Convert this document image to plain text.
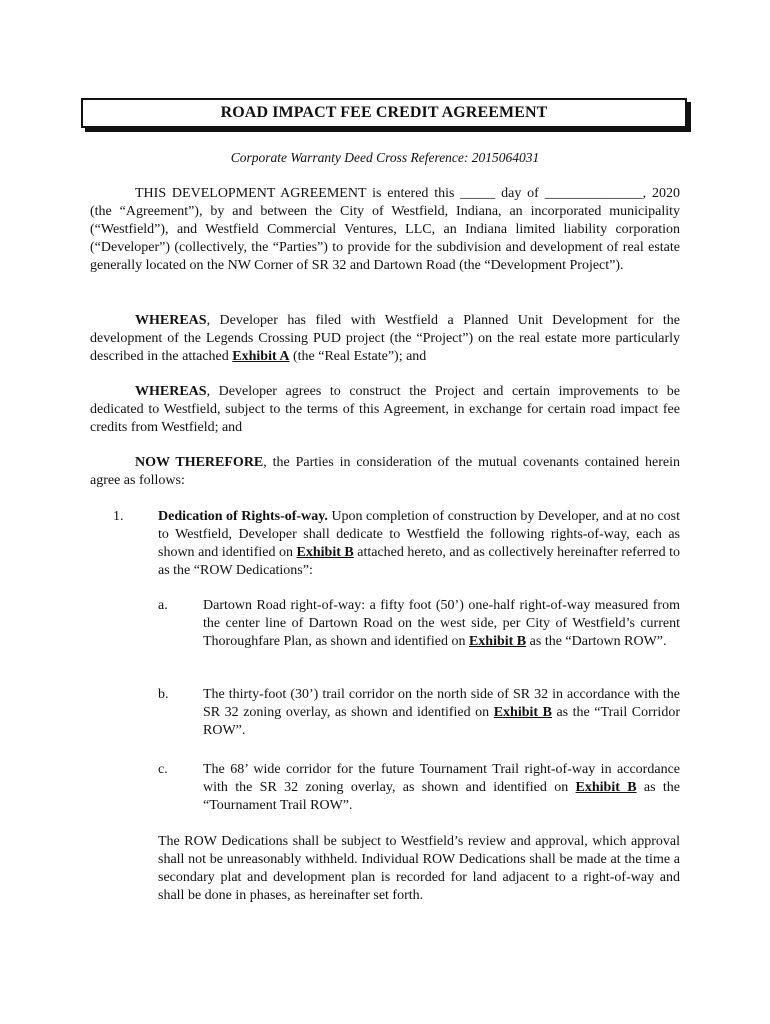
ROAD IMPACT FEE CREDIT AGREEMENT
Corporate Warranty Deed Cross Reference: 2015064031

THIS DEVELOPMENT AGREEMENT is entered this _____ day of ______________, 2020 (the “Agreement”), by and between the City of Westfield, Indiana, an incorporated municipality (“Westfield”), and Westfield Commercial Ventures, LLC, an Indiana limited liability corporation (“Developer”) (collectively, the “Parties”) to provide for the subdivision and development of real estate generally located on the NW Corner of SR 32 and Dartown Road (the “Development Project”).

WHEREAS, Developer has filed with Westfield a Planned Unit Development for the development of the Legends Crossing PUD project (the “Project”) on the real estate more particularly described in the attached Exhibit A (the “Real Estate”); and

WHEREAS, Developer agrees to construct the Project and certain improvements to be dedicated to Westfield, subject to the terms of this Agreement, in exchange for certain road impact fee credits from Westfield; and

NOW THEREFORE, the Parties in consideration of the mutual covenants contained herein agree as follows:

1. Dedication of Rights-of-way. Upon completion of construction by Developer, and at no cost to Westfield, Developer shall dedicate to Westfield the following rights-of-way, each as shown and identified on Exhibit B attached hereto, and as collectively hereinafter referred to as the “ROW Dedications”:

a.	Dartown Road right-of-way: a fifty foot (50’) one-half right-of-way measured from the center line of Dartown Road on the west side, per City of Westfield’s current Thoroughfare Plan, as shown and identified on Exhibit B as the “Dartown ROW”.

b. The thirty-foot (30’) trail corridor on the north side of SR 32 in accordance with the SR 32 zoning overlay, as shown and identified on Exhibit B as the “Trail Corridor ROW”.

c.	The 68’ wide corridor for the future Tournament Trail right-of-way in accordance with the SR 32 zoning overlay, as shown and identified on Exhibit B as the “Tournament Trail ROW”.

The ROW Dedications shall be subject to Westfield’s review and approval, which approval shall not be unreasonably withheld. Individual ROW Dedications shall be made at the time a secondary plat and development plan is recorded for land adjacent to a right-of-way and shall be done in phases, as hereinafter set forth.
